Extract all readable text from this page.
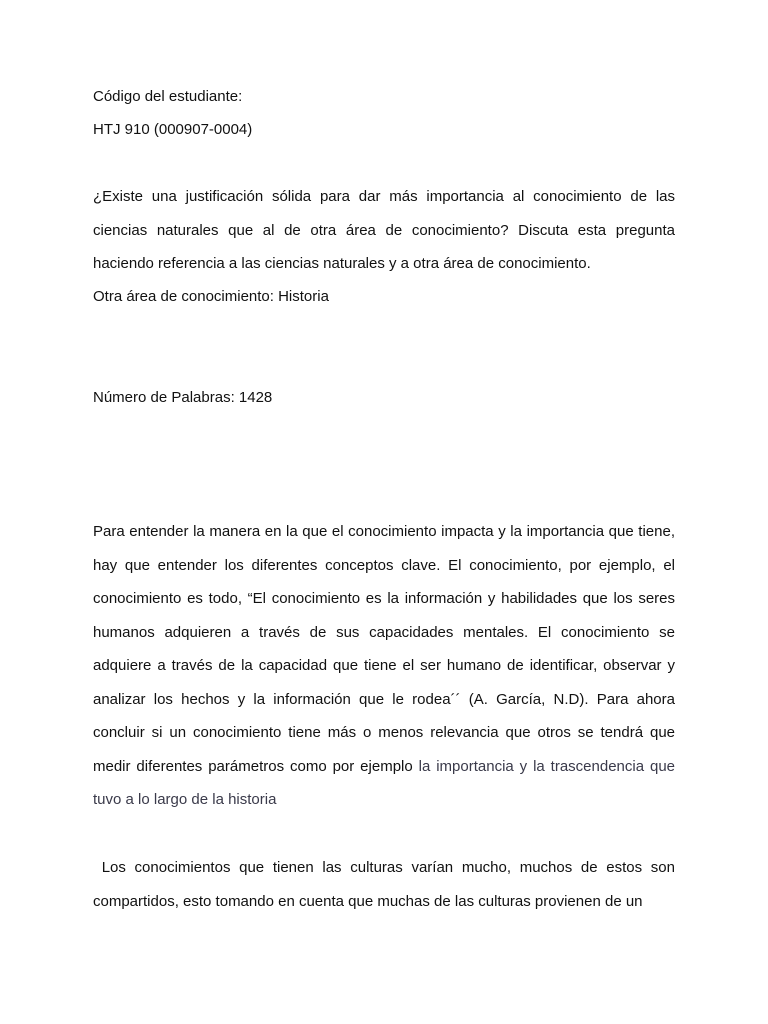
Código del estudiante:

HTJ 910 (000907-0004)

¿Existe una justificación sólida para dar más importancia al conocimiento de las ciencias naturales que al de otra área de conocimiento? Discuta esta pregunta haciendo referencia a las ciencias naturales y a otra área de conocimiento.

Otra área de conocimiento: Historia

Número de Palabras: 1428

Para entender la manera en la que el conocimiento impacta y la importancia que tiene, hay que entender los diferentes conceptos clave. El conocimiento, por ejemplo, el conocimiento es todo, “El conocimiento es la información y habilidades que los seres humanos adquieren a través de sus capacidades mentales. El conocimiento se adquiere a través de la capacidad que tiene el ser humano de identificar, observar y analizar los hechos y la información que le rodea´´ (A. García, N.D). Para ahora concluir si un conocimiento tiene más o menos relevancia que otros se tendrá que medir diferentes parámetros como por ejemplo la importancia y la trascendencia que tuvo a lo largo de la historia

Los conocimientos que tienen las culturas varían mucho, muchos de estos son compartidos, esto tomando en cuenta que muchas de las culturas provienen de un
